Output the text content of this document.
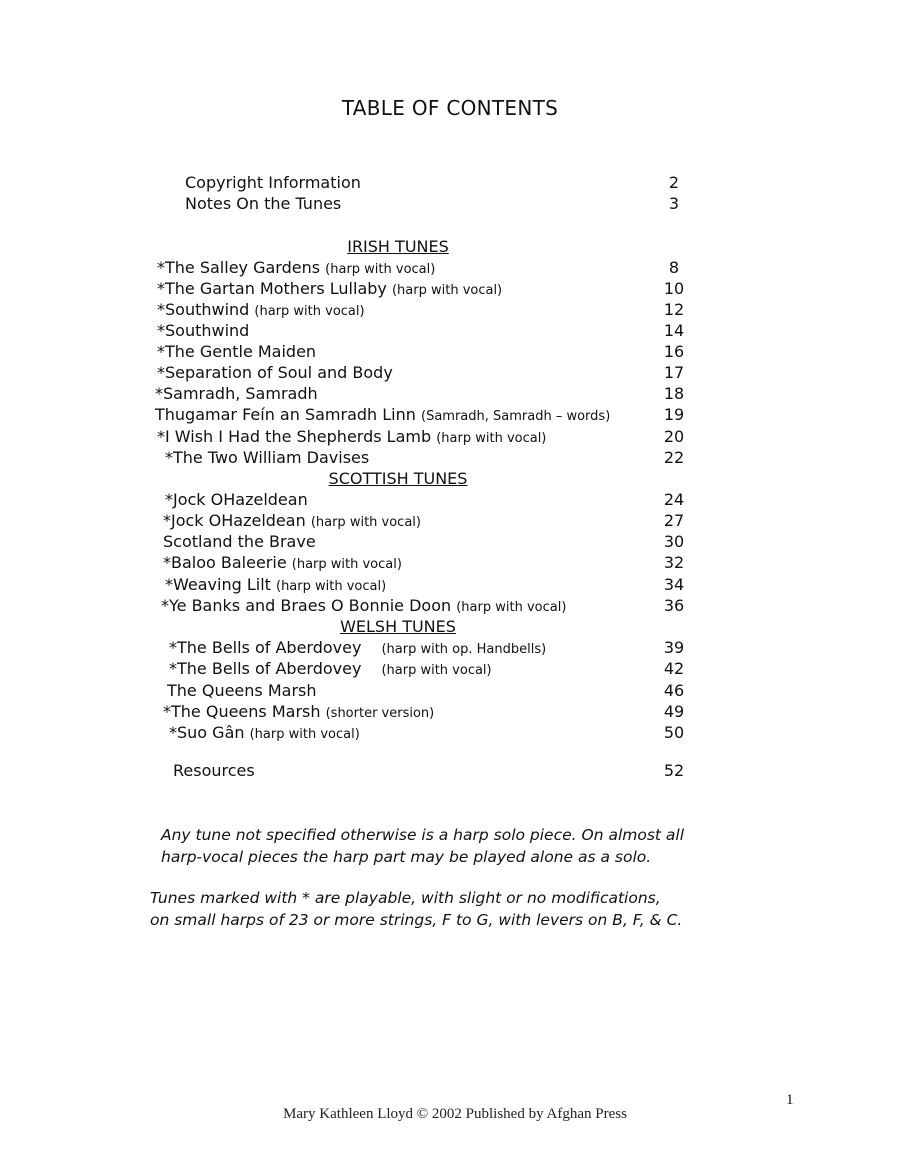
TABLE OF CONTENTS
Copyright Information	2
Notes On the Tunes	3
IRISH TUNES
*The Salley Gardens (harp with vocal)	8
*The Gartan Mothers Lullaby (harp with vocal)	10
*Southwind (harp with vocal)	12
*Southwind	14
*The Gentle Maiden	16
*Separation of Soul and Body	17
*Samradh, Samradh	18
Thugamar Feín an Samradh Linn (Samradh, Samradh – words)	19
*I Wish I Had the Shepherds Lamb (harp with vocal)	20
*The Two William Davises	22
SCOTTISH TUNES
*Jock OHazeldean	24
*Jock OHazeldean (harp with vocal)	27
Scotland the Brave	30
*Baloo Baleerie (harp with vocal)	32
*Weaving Lilt (harp with vocal)	34
*Ye Banks and Braes O Bonnie Doon (harp with vocal)	36
WELSH TUNES
*The Bells of Aberdovey (harp with op. Handbells)	39
*The Bells of Aberdovey (harp with vocal)	42
The Queens Marsh	46
*The Queens Marsh (shorter version)	49
*Suo Gân (harp with vocal)	50
Resources	52
Any tune not specified otherwise is a harp solo piece. On almost all
harp-vocal pieces the harp part may be played alone as a solo.
Tunes marked with * are playable, with slight or no modifications,
on small harps of 23 or more strings, F to G, with levers on B, F, & C.
1
Mary Kathleen Lloyd © 2002 Published by Afghan Press
